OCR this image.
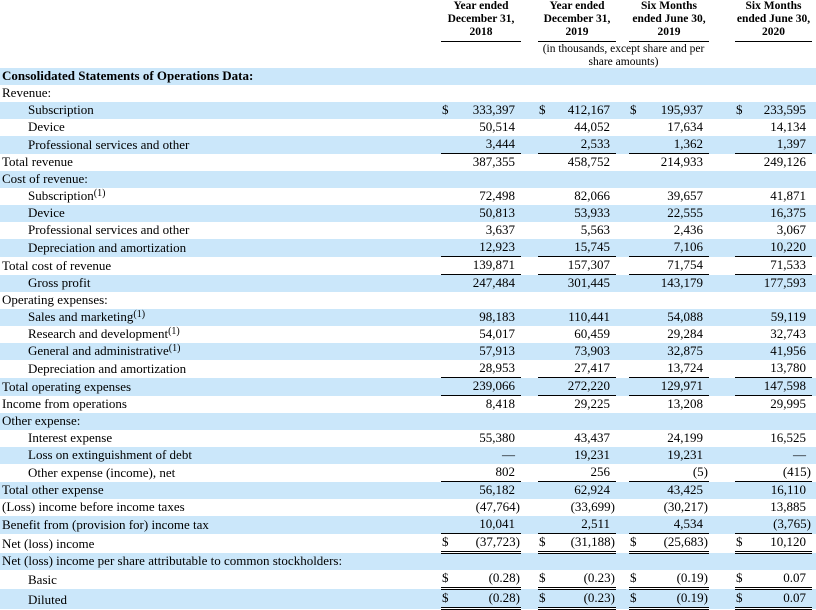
	Year ended
December 31,
2018		Year ended
December 31,
2019		Six Months
ended June 30,
2019		Six Months
ended June 30,
2020	

			(in thousands, except share and per share amounts)					
Consolidated Statements of Operations Data:	

Revenue:	

Subscription	$ 333,397		$ 412,167		$ 195,937		$ 233,595	

Device	50,514		44,052		17,634		14,134	

Professional services and other	3,444		2,533		1,362		1,397	

Total revenue	387,355		458,752		214,933		249,126	

Cost of revenue:	

Subscription$^{(1)}$	72,498		82,066		39,657		41,871	

Device	50,813		53,933		22,555		16,375	

Professional services and other	3,637		5,563		2,436		3,067	

Depreciation and amortization	12,923		15,745		7,106		10,220	

Total cost of revenue	139,871		157,307		71,754		71,533	

Gross profit	247,484		301,445		143,179		177,593	

Operating expenses:	

Sales and marketing$^{(1)}$	98,183		110,441		54,088		59,119	

Research and development$^{(1)}$	54,017		60,459		29,284		32,743	

General and administrative$^{(1)}$	57,913		73,903		32,875		41,956	

Depreciation and amortization	28,953		27,417		13,724		13,780	

Total operating expenses	239,066		272,220		129,971		147,598	

Income from operations	8,418		29,225		13,208		29,995	

Other expense:	

Interest expense	55,380		43,437		24,199		16,525	

Loss on extinguishment of debt	—		19,231		19,231		—	

Other expense (income), net	802		256		(5)		(415)	

Total other expense	56,182		62,924		43,425		16,110	

(Loss) income before income taxes	(47,764)		(33,699)		(30,217)		13,885	

Benefit from (provision for) income tax	10,041		2,511		4,534		(3,765)	

Net (loss) income	$ (37,723)		$ (31,188)		$ (25,683)		$ 10,120	

Net (loss) income per share attributable to common stockholders:	

Basic	$ (0.28)		$ (0.23)		$ (0.19)		$ 0.07	

Diluted	$ (0.28)		$ (0.23)		$ (0.19)		$ 0.07	
